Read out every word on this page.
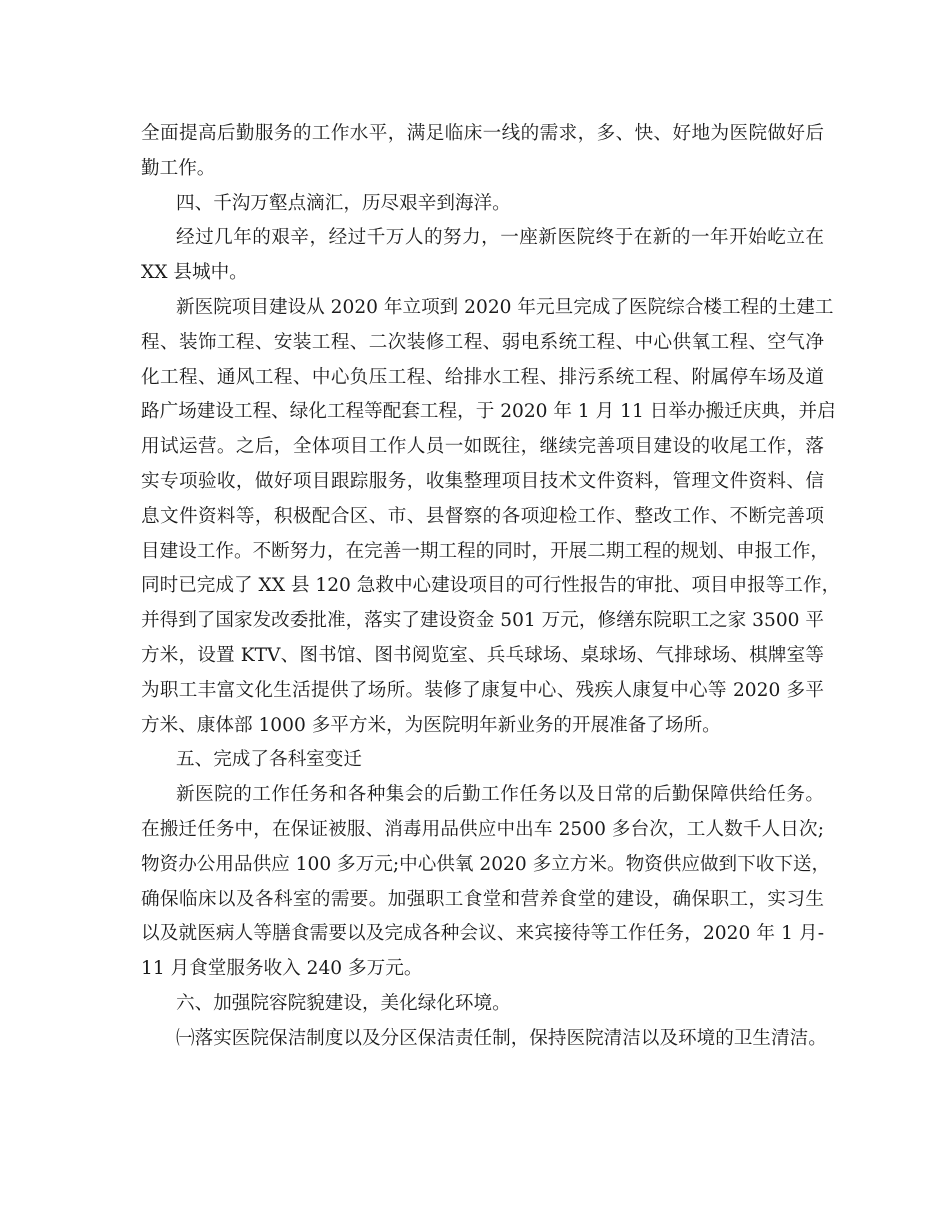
全面提高后勤服务的工作水平，满足临床一线的需求，多、快、好地为医院做好后
勤工作。
四、千沟万壑点滴汇，历尽艰辛到海洋。
经过几年的艰辛，经过千万人的努力，一座新医院终于在新的一年开始屹立在
XX 县城中。
新医院项目建设从 2020 年立项到 2020 年元旦完成了医院综合楼工程的土建工
程、装饰工程、安装工程、二次装修工程、弱电系统工程、中心供氧工程、空气净
化工程、通风工程、中心负压工程、给排水工程、排污系统工程、附属停车场及道
路广场建设工程、绿化工程等配套工程，于 2020 年 1 月 11 日举办搬迁庆典，并启
用试运营。之后，全体项目工作人员一如既往，继续完善项目建设的收尾工作，落
实专项验收，做好项目跟踪服务，收集整理项目技术文件资料，管理文件资料、信
息文件资料等，积极配合区、市、县督察的各项迎检工作、整改工作、不断完善项
目建设工作。不断努力，在完善一期工程的同时，开展二期工程的规划、申报工作，
同时已完成了 XX 县 120 急救中心建设项目的可行性报告的审批、项目申报等工作，
并得到了国家发改委批准，落实了建设资金 501 万元，修缮东院职工之家 3500 平
方米，设置 KTV、图书馆、图书阅览室、兵乓球场、桌球场、气排球场、棋牌室等
为职工丰富文化生活提供了场所。装修了康复中心、残疾人康复中心等 2020 多平
方米、康体部 1000 多平方米，为医院明年新业务的开展准备了场所。
五、完成了各科室变迁
新医院的工作任务和各种集会的后勤工作任务以及日常的后勤保障供给任务。
在搬迁任务中，在保证被服、消毒用品供应中出车 2500 多台次，工人数千人日次;
物资办公用品供应 100 多万元;中心供氧 2020 多立方米。物资供应做到下收下送，
确保临床以及各科室的需要。加强职工食堂和营养食堂的建设，确保职工，实习生
以及就医病人等膳食需要以及完成各种会议、来宾接待等工作任务，2020 年 1 月-
11 月食堂服务收入 240 多万元。
六、加强院容院貌建设，美化绿化环境。
㈠落实医院保洁制度以及分区保洁责任制，保持医院清洁以及环境的卫生清洁。
